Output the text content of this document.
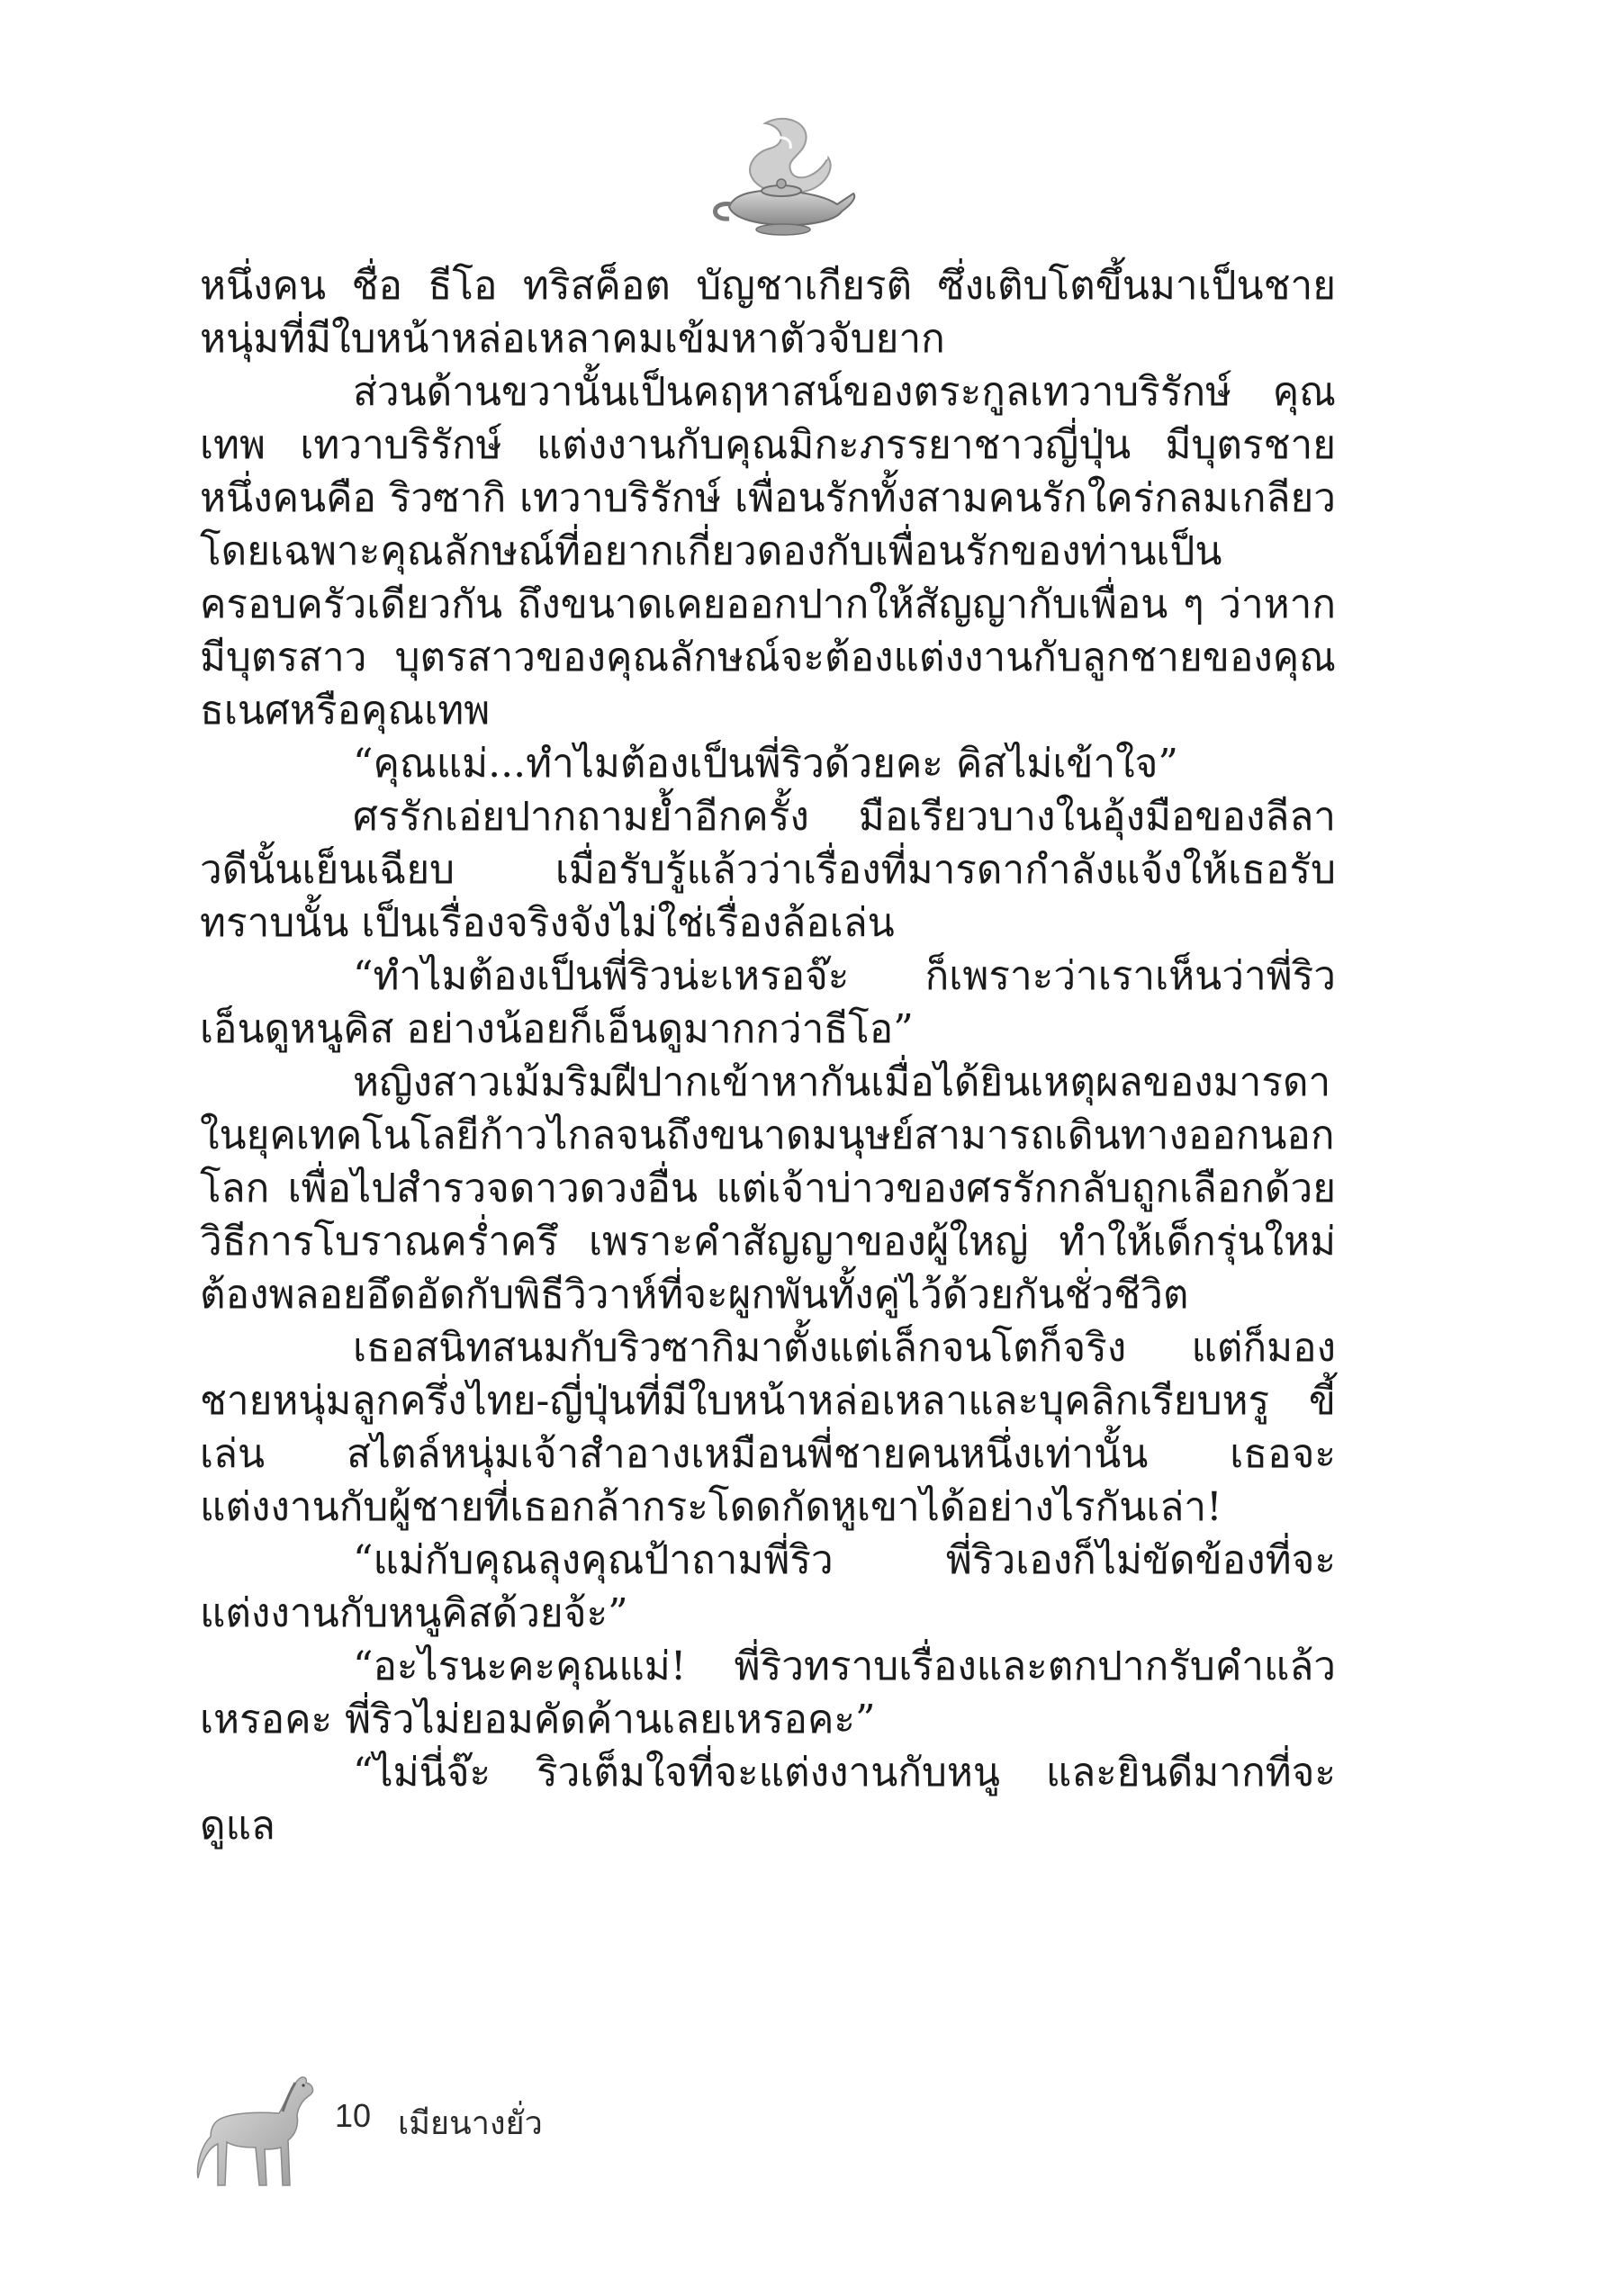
หนึ่งคน ชื่อ ธีโอ ทริสค็อต บัญชาเกียรติ ซึ่งเติบโตขึ้นมาเป็นชายหนุ่มที่มีใบหน้าหล่อเหลาคมเข้มหาตัวจับยาก

ส่วนด้านขวานั้นเป็นคฤหาสน์ของตระกูลเทวาบริรักษ์ คุณเทพ เทวาบริรักษ์ แต่งงานกับคุณมิกะภรรยาชาวญี่ปุ่น มีบุตรชายหนึ่งคนคือ ริวซากิ เทวาบริรักษ์ เพื่อนรักทั้งสามคนรักใคร่กลมเกลียว โดยเฉพาะคุณลักษณ์ที่อยากเกี่ยวดองกับเพื่อนรักของท่านเป็นครอบครัวเดียวกัน ถึงขนาดเคยออกปากให้สัญญากับเพื่อน ๆ ว่าหากมีบุตรสาว บุตรสาวของคุณลักษณ์จะต้องแต่งงานกับลูกชายของคุณธเนศหรือคุณเทพ

“คุณแม่...ทำไมต้องเป็นพี่ริวด้วยคะ คิสไม่เข้าใจ”

ศรรักเอ่ยปากถามย้ำอีกครั้ง มือเรียวบางในอุ้งมือของลีลาวดีนั้นเย็นเฉียบ เมื่อรับรู้แล้วว่าเรื่องที่มารดากำลังแจ้งให้เธอรับทราบนั้น เป็นเรื่องจริงจังไม่ใช่เรื่องล้อเล่น

“ทำไมต้องเป็นพี่ริวน่ะเหรอจ๊ะ ก็เพราะว่าเราเห็นว่าพี่ริวเอ็นดูหนูคิส อย่างน้อยก็เอ็นดูมากกว่าธีโอ”

หญิงสาวเม้มริมฝีปากเข้าหากันเมื่อได้ยินเหตุผลของมารดา ในยุคเทคโนโลยีก้าวไกลจนถึงขนาดมนุษย์สามารถเดินทางออกนอกโลก เพื่อไปสำรวจดาวดวงอื่น แต่เจ้าบ่าวของศรรักกลับถูกเลือกด้วยวิธีการโบราณคร่ำครึ เพราะคำสัญญาของผู้ใหญ่ ทำให้เด็กรุ่นใหม่ต้องพลอยอึดอัดกับพิธีวิวาห์ที่จะผูกพันทั้งคู่ไว้ด้วยกันชั่วชีวิต

เธอสนิทสนมกับริวซากิมาตั้งแต่เล็กจนโตก็จริง แต่ก็มองชายหนุ่มลูกครึ่งไทย-ญี่ปุ่นที่มีใบหน้าหล่อเหลาและบุคลิกเรียบหรู ขี้เล่น สไตล์หนุ่มเจ้าสำอางเหมือนพี่ชายคนหนึ่งเท่านั้น เธอจะแต่งงานกับผู้ชายที่เธอกล้ากระโดดกัดหูเขาได้อย่างไรกันเล่า!

“แม่กับคุณลุงคุณป้าถามพี่ริว พี่ริวเองก็ไม่ขัดข้องที่จะแต่งงานกับหนูคิสด้วยจ้ะ”

“อะไรนะคะคุณแม่! พี่ริวทราบเรื่องและตกปากรับคำแล้วเหรอคะ พี่ริวไม่ยอมคัดค้านเลยเหรอคะ”

“ไม่นี่จ๊ะ ริวเต็มใจที่จะแต่งงานกับหนู และยินดีมากที่จะดูแล

10 เมียนางยั่ว
